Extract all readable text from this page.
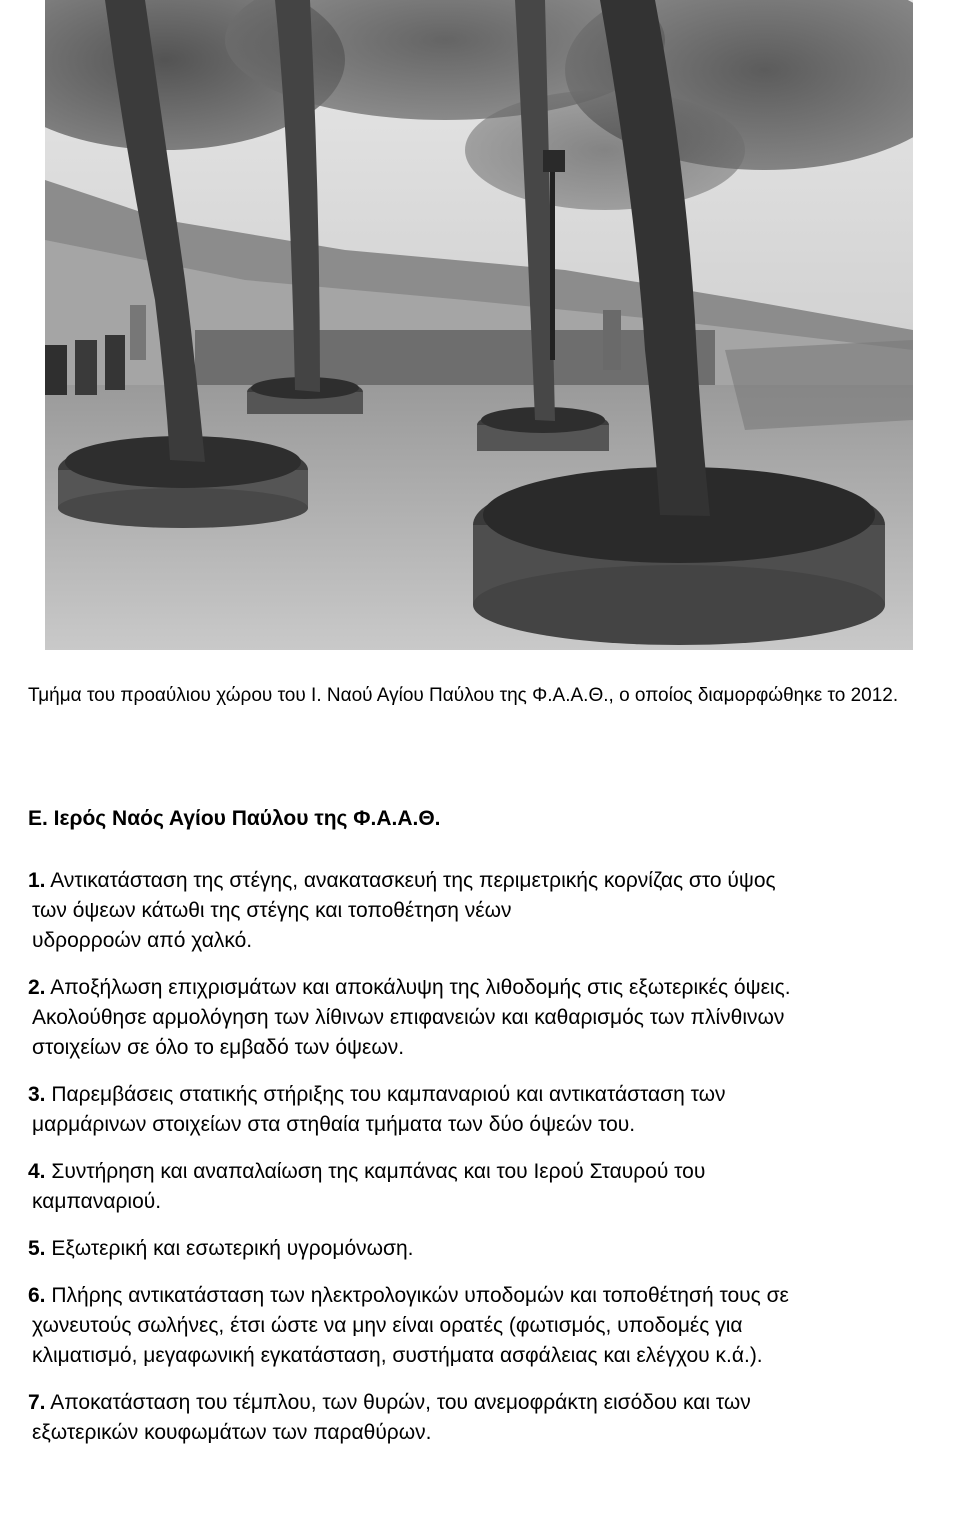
Τμήμα του προαύλιου χώρου του Ι. Ναού Αγίου Παύλου της Φ.Α.Α.Θ., ο οποίος διαμορφώθηκε το 2012.
Ε. Ιερός Ναός Αγίου Παύλου της Φ.Α.Α.Θ.
1. Αντικατάσταση της στέγης, ανακατασκευή της περιμετρικής κορνίζας στο ύψος
των όψεων κάτωθι της στέγης και τοποθέτηση νέων
υδρορροών από χαλκό.
2. Αποξήλωση επιχρισμάτων και αποκάλυψη της λιθοδομής στις εξωτερικές όψεις.
Ακολούθησε αρμολόγηση των λίθινων επιφανειών και καθαρισμός των πλίνθινων
στοιχείων σε όλο το εμβαδό των όψεων.
3. Παρεμβάσεις στατικής στήριξης του καμπαναριού και αντικατάσταση των
μαρμάρινων στοιχείων στα στηθαία τμήματα των δύο όψεών του.
4. Συντήρηση και αναπαλαίωση της καμπάνας και του Ιερού Σταυρού του
καμπαναριού.
5. Εξωτερική και εσωτερική υγρομόνωση.
6. Πλήρης αντικατάσταση των ηλεκτρολογικών υποδομών και τοποθέτησή τους σε
χωνευτούς σωλήνες, έτσι ώστε να μην είναι ορατές (φωτισμός, υποδομές για
κλιματισμό, μεγαφωνική εγκατάσταση, συστήματα ασφάλειας και ελέγχου κ.ά.).
7. Αποκατάσταση του τέμπλου, των θυρών, του ανεμοφράκτη εισόδου και των
εξωτερικών κουφωμάτων των παραθύρων.
